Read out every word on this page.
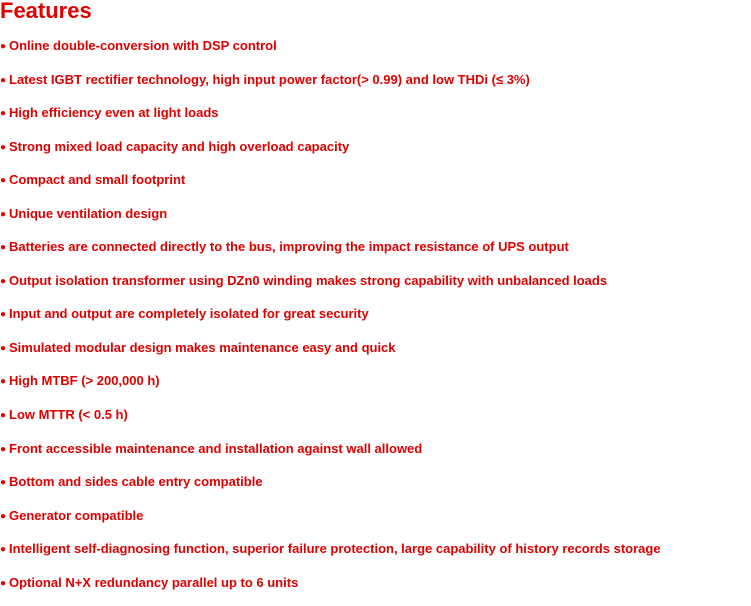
Features
● Online double-conversion with DSP control
● Latest IGBT rectifier technology, high input power factor(> 0.99) and low THDi (≤ 3%)
● High efficiency even at light loads
● Strong mixed load capacity and high overload capacity
● Compact and small footprint
● Unique ventilation design
● Batteries are connected directly to the bus, improving the impact resistance of UPS output
● Output isolation transformer using DZn0 winding makes strong capability with unbalanced loads
● Input and output are completely isolated for great security
● Simulated modular design makes maintenance easy and quick
● High MTBF (> 200,000 h)
● Low MTTR (< 0.5 h)
● Front accessible maintenance and installation against wall allowed
● Bottom and sides cable entry compatible
● Generator compatible
● Intelligent self-diagnosing function, superior failure protection, large capability of history records storage
● Optional N+X redundancy parallel up to 6 units
